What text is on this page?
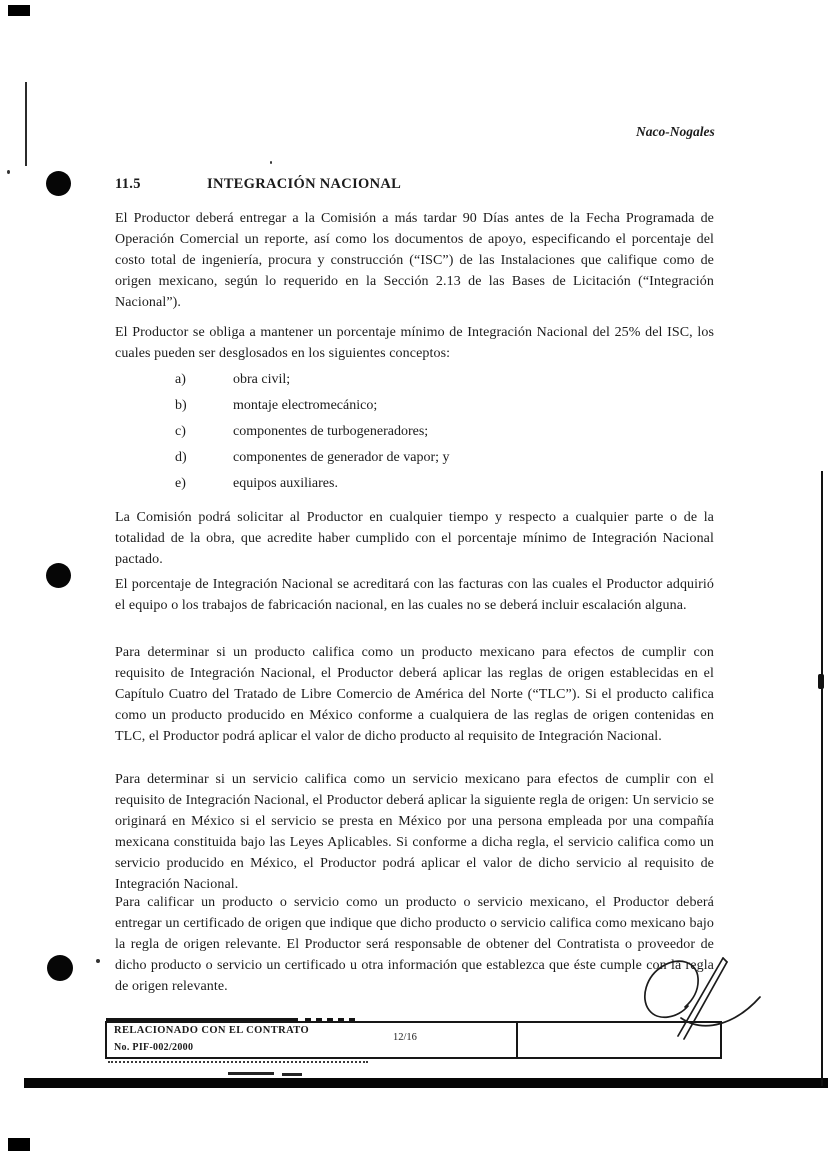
Naco-Nogales
11.5	INTEGRACIÓN NACIONAL
El Productor deberá entregar a la Comisión a más tardar 90 Días antes de la Fecha Programada de Operación Comercial un reporte, así como los documentos de apoyo, especificando el porcentaje del costo total de ingeniería, procura y construcción (“ISC”) de las Instalaciones que califique como de origen mexicano, según lo requerido en la Sección 2.13 de las Bases de Licitación (“Integración Nacional”).
El Productor se obliga a mantener un porcentaje mínimo de Integración Nacional del 25% del ISC, los cuales pueden ser desglosados en los siguientes conceptos:
a)	obra civil;
b)	montaje electromecánico;
c)	componentes de turbogeneradores;
d)	componentes de generador de vapor; y
e)	equipos auxiliares.
La Comisión podrá solicitar al Productor en cualquier tiempo y respecto a cualquier parte o de la totalidad de la obra, que acredite haber cumplido con el porcentaje mínimo de Integración Nacional pactado.
El porcentaje de Integración Nacional se acreditará con las facturas con las cuales el Productor adquirió el equipo o los trabajos de fabricación nacional, en las cuales no se deberá incluir escalación alguna.
Para determinar si un producto califica como un producto mexicano para efectos de cumplir con requisito de Integración Nacional, el Productor deberá aplicar las reglas de origen establecidas en el Capítulo Cuatro del Tratado de Libre Comercio de América del Norte (“TLC”). Si el producto califica como un producto producido en México conforme a cualquiera de las reglas de origen contenidas en TLC, el Productor podrá aplicar el valor de dicho producto al requisito de Integración Nacional.
Para determinar si un servicio califica como un servicio mexicano para efectos de cumplir con el requisito de Integración Nacional, el Productor deberá aplicar la siguiente regla de origen: Un servicio se originará en México si el servicio se presta en México por una persona empleada por una compañía mexicana constituida bajo las Leyes Aplicables. Si conforme a dicha regla, el servicio califica como un servicio producido en México, el Productor podrá aplicar el valor de dicho servicio al requisito de Integración Nacional.
Para calificar un producto o servicio como un producto o servicio mexicano, el Productor deberá entregar un certificado de origen que indique que dicho producto o servicio califica como mexicano bajo la regla de origen relevante. El Productor será responsable de obtener del Contratista o proveedor de dicho producto o servicio un certificado u otra información que establezca que éste cumple con la regla de origen relevante.
RELACIONADO CON EL CONTRATO
No. PIF-002/2000
12/16
